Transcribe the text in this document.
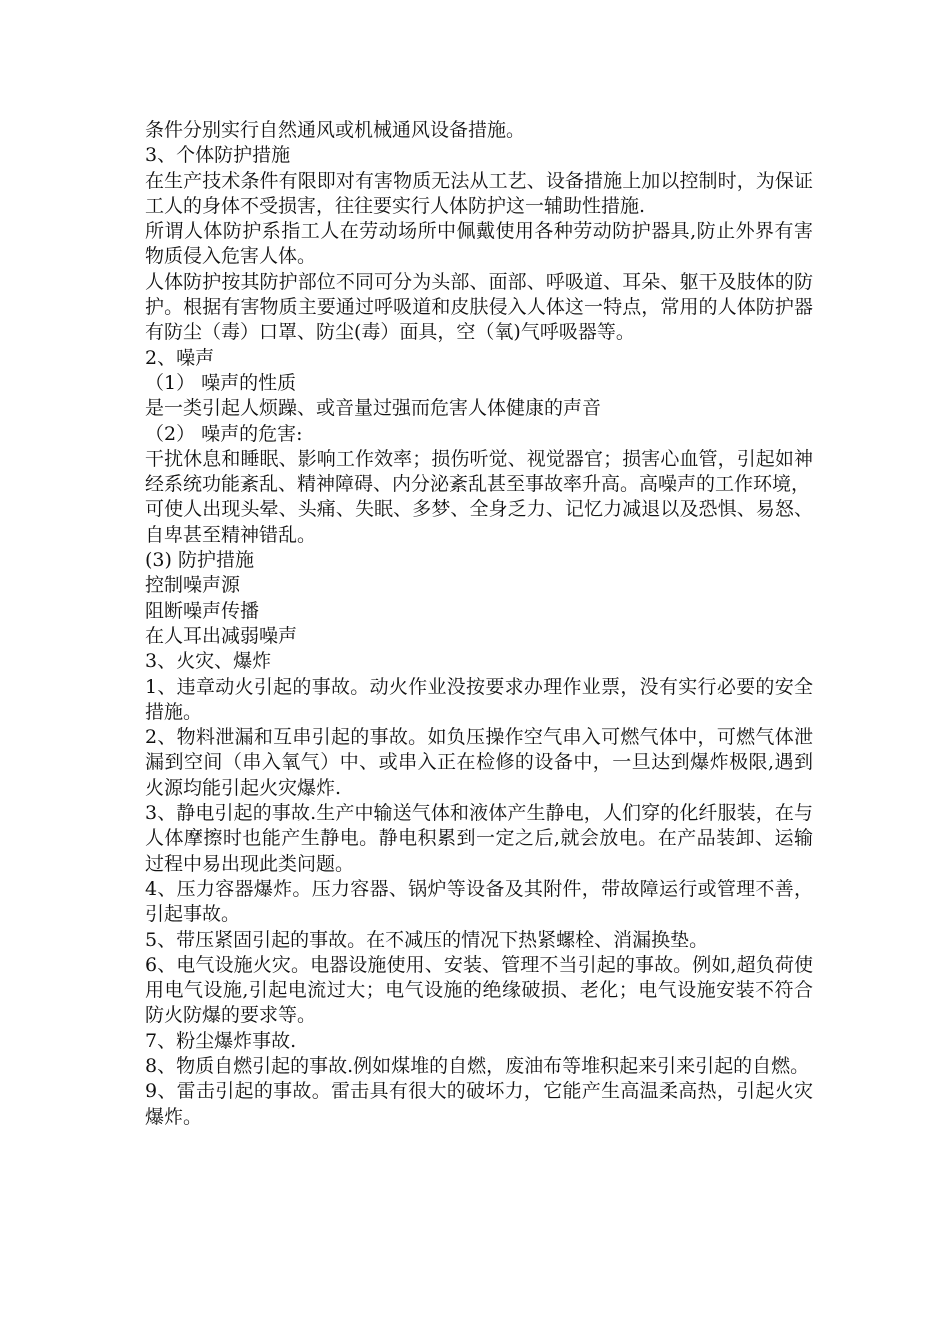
条件分别实行自然通风或机械通风设备措施。

3、个体防护措施

在生产技术条件有限即对有害物质无法从工艺、设备措施上加以控制时，为保证工人的身体不受损害，往往要实行人体防护这一辅助性措施.

所谓人体防护系指工人在劳动场所中佩戴使用各种劳动防护器具,防止外界有害物质侵入危害人体。

人体防护按其防护部位不同可分为头部、面部、呼吸道、耳朵、躯干及肢体的防护。根据有害物质主要通过呼吸道和皮肤侵入人体这一特点，常用的人体防护器有防尘（毒）口罩、防尘(毒）面具，空（氧)气呼吸器等。

2、噪声

（1） 噪声的性质

是一类引起人烦躁、或音量过强而危害人体健康的声音

（2） 噪声的危害:

干扰休息和睡眠、影响工作效率；损伤听觉、视觉器官；损害心血管，引起如神经系统功能紊乱、精神障碍、内分泌紊乱甚至事故率升高。高噪声的工作环境，

可使人出现头晕、头痛、失眠、多梦、全身乏力、记忆力减退以及恐惧、易怒、自卑甚至精神错乱。

(3) 防护措施

控制噪声源

阻断噪声传播

在人耳出减弱噪声

3、火灾、爆炸

1、违章动火引起的事故。动火作业没按要求办理作业票，没有实行必要的安全措施。

2、物料泄漏和互串引起的事故。如负压操作空气串入可燃气体中，可燃气体泄漏到空间（串入氧气）中、或串入正在检修的设备中，一旦达到爆炸极限,遇到火源均能引起火灾爆炸.

3、静电引起的事故.生产中输送气体和液体产生静电，人们穿的化纤服装，在与人体摩擦时也能产生静电。静电积累到一定之后,就会放电。在产品装卸、运输过程中易出现此类问题。

4、压力容器爆炸。压力容器、锅炉等设备及其附件，带故障运行或管理不善，引起事故。

5、带压紧固引起的事故。在不减压的情况下热紧螺栓、消漏换垫。

6、电气设施火灾。电器设施使用、安装、管理不当引起的事故。例如,超负荷使用电气设施,引起电流过大；电气设施的绝缘破损、老化；电气设施安装不符合防火防爆的要求等。

7、粉尘爆炸事故.

8、物质自燃引起的事故.例如煤堆的自燃，废油布等堆积起来引来引起的自燃。

9、雷击引起的事故。雷击具有很大的破坏力，它能产生高温柔高热，引起火灾爆炸。
